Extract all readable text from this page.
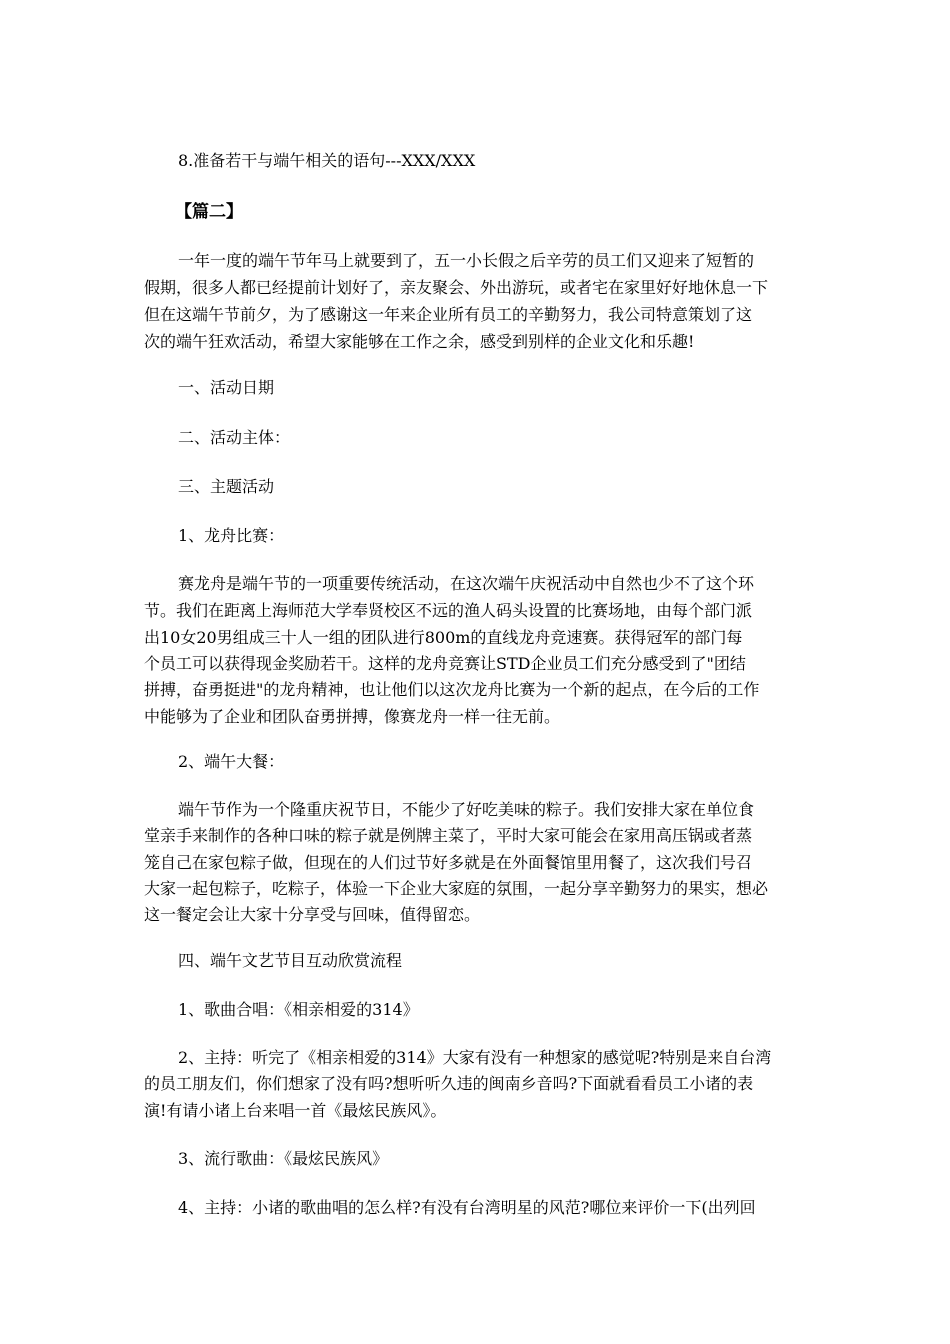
8.准备若干与端午相关的语句---XXX/XXX
【篇二】
一年一度的端午节年马上就要到了，五一小长假之后辛劳的员工们又迎来了短暂的
假期，很多人都已经提前计划好了，亲友聚会、外出游玩，或者宅在家里好好地休息一下
但在这端午节前夕，为了感谢这一年来企业所有员工的辛勤努力，我公司特意策划了这
次的端午狂欢活动，希望大家能够在工作之余，感受到别样的企业文化和乐趣!
一、活动日期
二、活动主体：
三、主题活动
1、龙舟比赛：
赛龙舟是端午节的一项重要传统活动，在这次端午庆祝活动中自然也少不了这个环
节。我们在距离上海师范大学奉贤校区不远的渔人码头设置的比赛场地，由每个部门派
出10女20男组成三十人一组的团队进行800m的直线龙舟竞速赛。获得冠军的部门每
个员工可以获得现金奖励若干。这样的龙舟竞赛让STD企业员工们充分感受到了"团结
拼搏，奋勇挺进"的龙舟精神，也让他们以这次龙舟比赛为一个新的起点，在今后的工作
中能够为了企业和团队奋勇拼搏，像赛龙舟一样一往无前。
2、端午大餐：
端午节作为一个隆重庆祝节日，不能少了好吃美味的粽子。我们安排大家在单位食
堂亲手来制作的各种口味的粽子就是例牌主菜了，平时大家可能会在家用高压锅或者蒸
笼自己在家包粽子做，但现在的人们过节好多就是在外面餐馆里用餐了，这次我们号召
大家一起包粽子，吃粽子，体验一下企业大家庭的氛围，一起分享辛勤努力的果实，想必
这一餐定会让大家十分享受与回味，值得留恋。
四、端午文艺节目互动欣赏流程
1、歌曲合唱：《相亲相爱的314》
2、主持：听完了《相亲相爱的314》大家有没有一种想家的感觉呢?特别是来自台湾
的员工朋友们，你们想家了没有吗?想听听久违的闽南乡音吗?下面就看看员工小诸的表
演!有请小诸上台来唱一首《最炫民族风》。
3、流行歌曲：《最炫民族风》
4、主持：小诸的歌曲唱的怎么样?有没有台湾明星的风范?哪位来评价一下(出列回
